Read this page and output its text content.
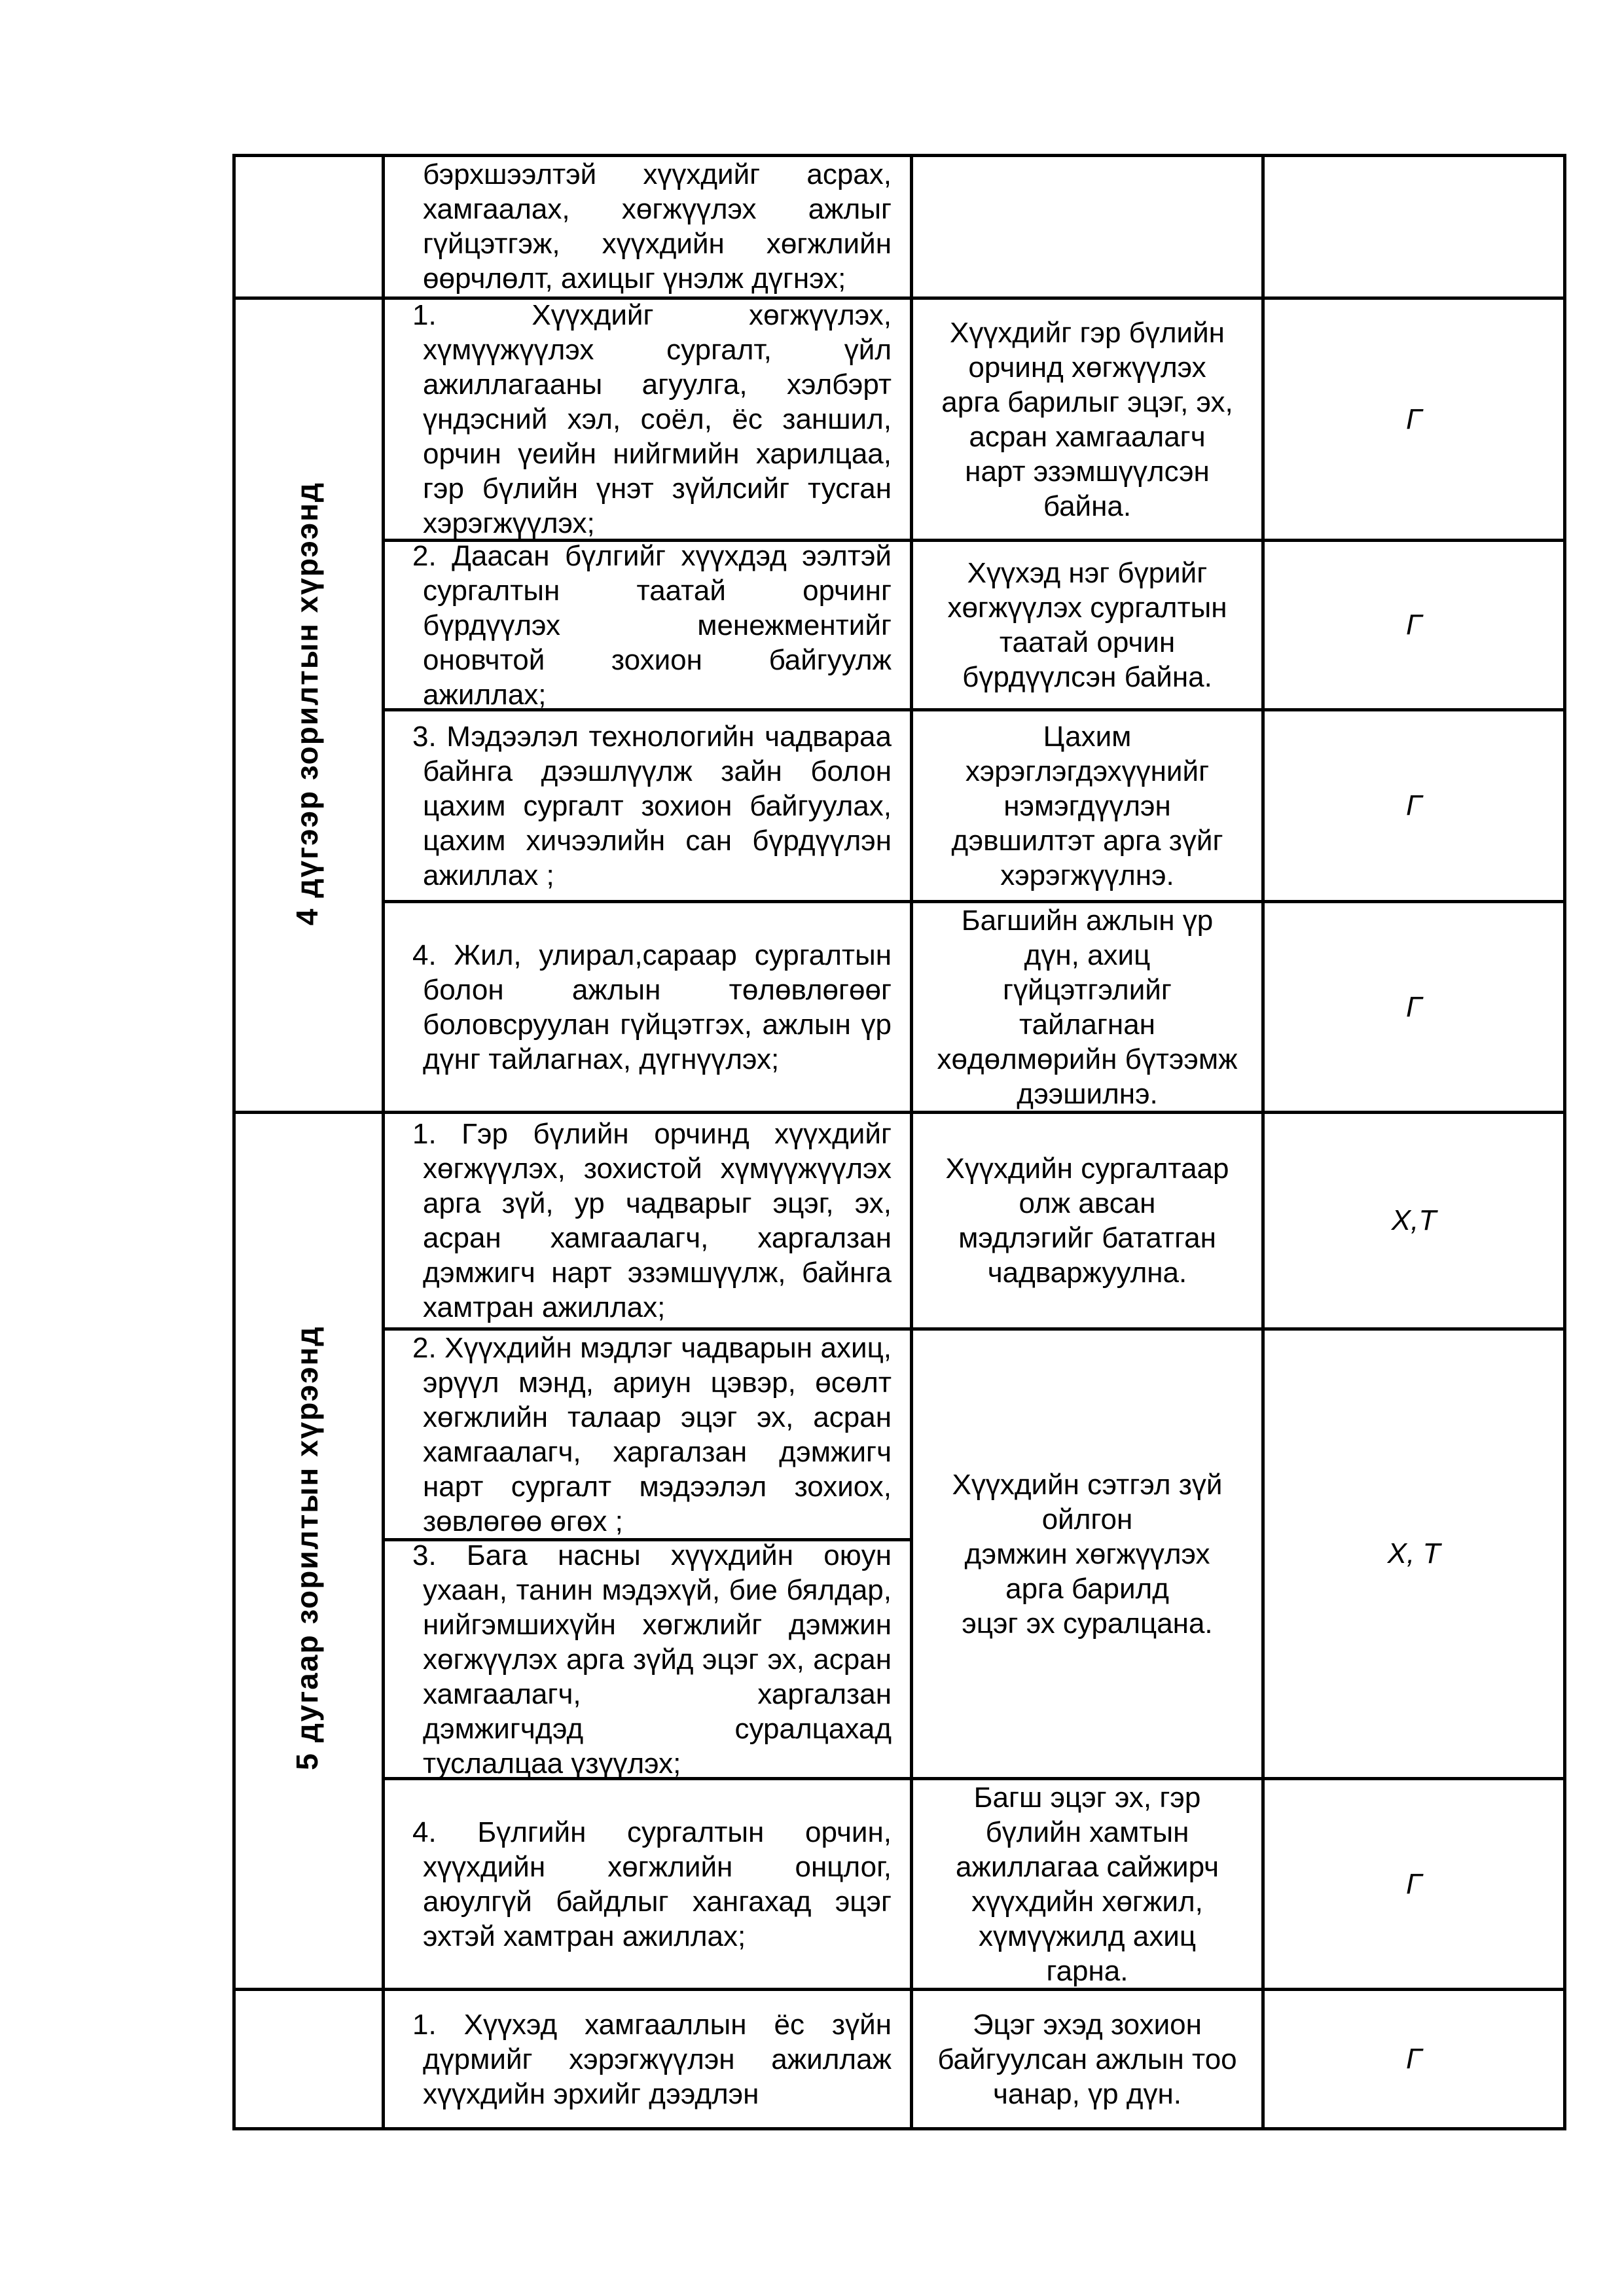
4 дүгээр зорилтын хүрээнд
5 дугаар зорилтын хүрээнд

бэрхшээлтэй хүүхдийг асрах,

хамгаалах, хөгжүүлэх ажлыг

гүйцэтгэж, хүүхдийн хөгжлийн

өөрчлөлт, ахицыг үнэлж дүгнэх;

1. Хүүхдийг хөгжүүлэх,

хүмүүжүүлэх сургалт, үйл

ажиллагааны агуулга, хэлбэрт

үндэсний хэл, соёл, ёс заншил,

орчин үеийн нийгмийн харилцаа,

гэр бүлийн үнэт зүйлсийг тусган

хэрэгжүүлэх;

Хүүхдийг гэр бүлийн
орчинд хөгжүүлэх
арга барилыг эцэг, эх,
асран хамгаалагч
нарт эзэмшүүлсэн
байна.
Г

2. Даасан бүлгийг хүүхдэд ээлтэй

сургалтын таатай орчинг

бүрдүүлэх менежментийг

оновчтой зохион байгуулж

ажиллах;

Хүүхэд нэг бүрийг
хөгжүүлэх сургалтын
таатай орчин
бүрдүүлсэн байна.
Г

3. Мэдээлэл технологийн чадвараа

байнга дээшлүүлж зайн болон

цахим сургалт зохион байгуулах,

цахим хичээлийн сан бүрдүүлэн

ажиллах ;

Цахим
хэрэглэгдэхүүнийг
нэмэгдүүлэн
дэвшилтэт арга зүйг
хэрэгжүүлнэ.
Г

4. Жил, улирал,сараар сургалтын

болон ажлын төлөвлөгөөг

боловсруулан гүйцэтгэх, ажлын үр

дүнг тайлагнах, дүгнүүлэх;

Багшийн ажлын үр
дүн, ахиц
гүйцэтгэлийг
тайлагнан
хөдөлмөрийн бүтээмж
дээшилнэ.
Г

1. Гэр бүлийн орчинд хүүхдийг

хөгжүүлэх, зохистой хүмүүжүүлэх

арга зүй, ур чадварыг эцэг, эх,

асран хамгаалагч, харгалзан

дэмжигч нарт эзэмшүүлж, байнга

хамтран ажиллах;

Хүүхдийн сургалтаар
олж авсан
мэдлэгийг бататган
чадваржуулна.
Х,Т

2. Хүүхдийн мэдлэг чадварын ахиц,

эрүүл мэнд, ариун цэвэр, өсөлт

хөгжлийн талаар эцэг эх, асран

хамгаалагч, харгалзан дэмжигч

нарт сургалт мэдээлэл зохиох,

зөвлөгөө өгөх ;

3. Бага насны хүүхдийн оюун

ухаан, танин мэдэхүй, бие бялдар,

нийгэмшихүйн хөгжлийг дэмжин

хөгжүүлэх арга зүйд эцэг эх, асран

хамгаалагч, харгалзан

дэмжигчдэд суралцахад

туслалцаа үзүүлэх;

Хүүхдийн сэтгэл зүй
ойлгон
дэмжин хөгжүүлэх
арга барилд
эцэг эх суралцана.
Х, Т

4. Бүлгийн сургалтын орчин,

хүүхдийн хөгжлийн онцлог,

аюулгүй байдлыг хангахад эцэг

эхтэй хамтран ажиллах;

Багш эцэг эх, гэр
бүлийн хамтын
ажиллагаа сайжирч
хүүхдийн хөгжил,
хүмүүжилд ахиц
гарна.
Г

1. Хүүхэд хамгааллын ёс зүйн

дүрмийг хэрэгжүүлэн ажиллаж

хүүхдийн эрхийг дээдлэн

Эцэг эхэд зохион
байгуулсан ажлын тоо
чанар, үр дүн.
Г
